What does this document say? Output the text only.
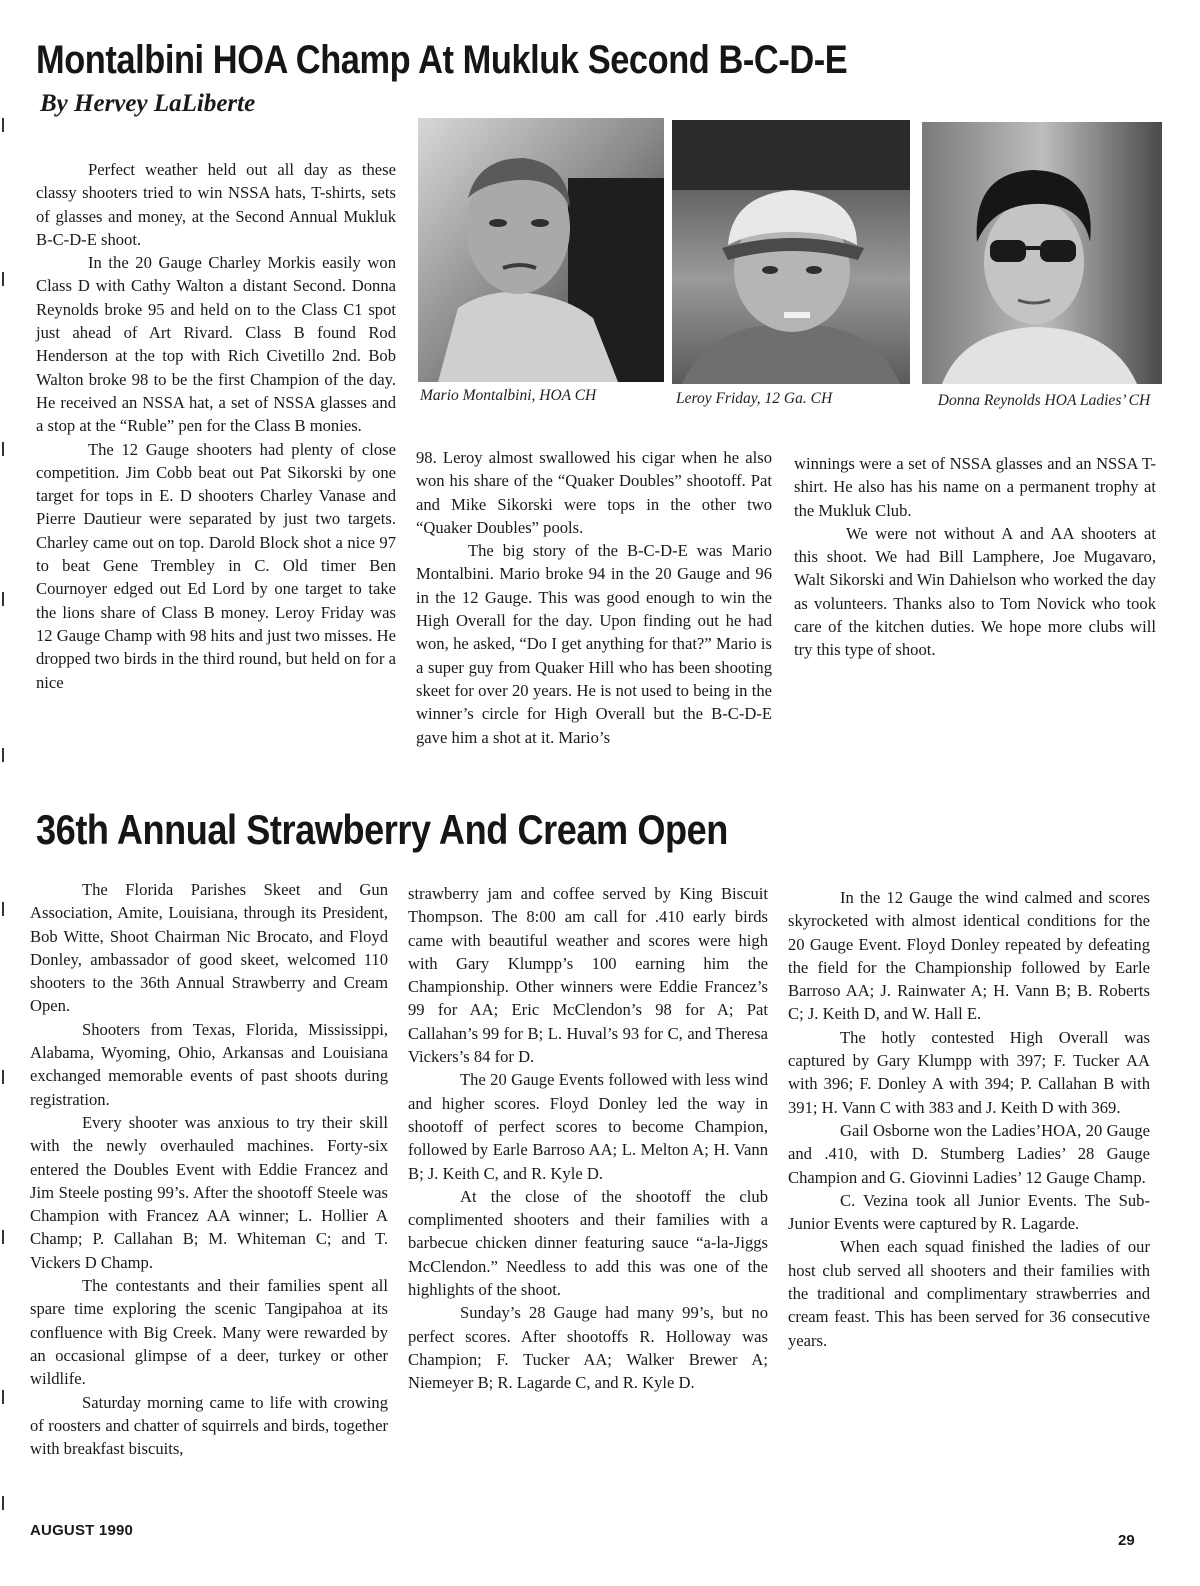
Montalbini HOA Champ At Mukluk Second B-C-D-E
By Hervey LaLiberte

Perfect weather held out all day as these classy shooters tried to win NSSA hats, T-shirts, sets of glasses and money, at the Second Annual Mukluk B-C-D-E shoot.

In the 20 Gauge Charley Morkis easily won Class D with Cathy Walton a distant Second. Donna Reynolds broke 95 and held on to the Class C1 spot just ahead of Art Rivard. Class B found Rod Henderson at the top with Rich Civetillo 2nd. Bob Walton broke 98 to be the first Champion of the day. He received an NSSA hat, a set of NSSA glasses and a stop at the “Ruble” pen for the Class B monies.

The 12 Gauge shooters had plenty of close competition. Jim Cobb beat out Pat Sikorski by one target for tops in E. D shooters Charley Vanase and Pierre Dautieur were separated by just two targets. Charley came out on top. Darold Block shot a nice 97 to beat Gene Trembley in C. Old timer Ben Cournoyer edged out Ed Lord by one target to take the lions share of Class B money. Leroy Friday was 12 Gauge Champ with 98 hits and just two misses. He dropped two birds in the third round, but held on for a nice

Mario Montalbini, HOA CH	Leroy Friday, 12 Ga. CH	Donna Reynolds HOA Ladies’ CH

98. Leroy almost swallowed his cigar when he also won his share of the “Quaker Doubles” shootoff. Pat and Mike Sikorski were tops in the other two “Quaker Doubles” pools.

The big story of the B-C-D-E was Mario Montalbini. Mario broke 94 in the 20 Gauge and 96 in the 12 Gauge. This was good enough to win the High Overall for the day. Upon finding out he had won, he asked, “Do I get anything for that?” Mario is a super guy from Quaker Hill who has been shooting skeet for over 20 years. He is not used to being in the winner’s circle for High Overall but the B-C-D-E gave him a shot at it. Mario’s

winnings were a set of NSSA glasses and an NSSA T-shirt. He also has his name on a permanent trophy at the Mukluk Club.

We were not without A and AA shooters at this shoot. We had Bill Lamphere, Joe Mugavaro, Walt Sikorski and Win Dahielson who worked the day as volunteers. Thanks also to Tom Novick who took care of the kitchen duties. We hope more clubs will try this type of shoot.

36th Annual Strawberry And Cream Open

The Florida Parishes Skeet and Gun Association, Amite, Louisiana, through its President, Bob Witte, Shoot Chairman Nic Brocato, and Floyd Donley, ambassador of good skeet, welcomed 110 shooters to the 36th Annual Strawberry and Cream Open.

Shooters from Texas, Florida, Mississippi, Alabama, Wyoming, Ohio, Arkansas and Louisiana exchanged memorable events of past shoots during registration.

Every shooter was anxious to try their skill with the newly overhauled machines. Forty-six entered the Doubles Event with Eddie Francez and Jim Steele posting 99’s. After the shootoff Steele was Champion with Francez AA winner; L. Hollier A Champ; P. Callahan B; M. Whiteman C; and T. Vickers D Champ.

The contestants and their families spent all spare time exploring the scenic Tangipahoa at its confluence with Big Creek. Many were rewarded by an occasional glimpse of a deer, turkey or other wildlife.

Saturday morning came to life with crowing of roosters and chatter of squirrels and birds, together with breakfast biscuits,

strawberry jam and coffee served by King Biscuit Thompson. The 8:00 am call for .410 early birds came with beautiful weather and scores were high with Gary Klumpp’s 100 earning him the Championship. Other winners were Eddie Francez’s 99 for AA; Eric McClendon’s 98 for A; Pat Callahan’s 99 for B; L. Huval’s 93 for C, and Theresa Vickers’s 84 for D.

The 20 Gauge Events followed with less wind and higher scores. Floyd Donley led the way in shootoff of perfect scores to become Champion, followed by Earle Barroso AA; L. Melton A; H. Vann B; J. Keith C, and R. Kyle D.

At the close of the shootoff the club complimented shooters and their families with a barbecue chicken dinner featuring sauce “a-la-Jiggs McClendon.” Needless to add this was one of the highlights of the shoot.

Sunday’s 28 Gauge had many 99’s, but no perfect scores. After shootoffs R. Holloway was Champion; F. Tucker AA; Walker Brewer A; Niemeyer B; R. Lagarde C, and R. Kyle D.

In the 12 Gauge the wind calmed and scores skyrocketed with almost identical conditions for the 20 Gauge Event. Floyd Donley repeated by defeating the field for the Championship followed by Earle Barroso AA; J. Rainwater A; H. Vann B; B. Roberts C; J. Keith D, and W. Hall E.

The hotly contested High Overall was captured by Gary Klumpp with 397; F. Tucker AA with 396; F. Donley A with 394; P. Callahan B with 391; H. Vann C with 383 and J. Keith D with 369.

Gail Osborne won the Ladies’HOA, 20 Gauge and .410, with D. Stumberg Ladies’ 28 Gauge Champion and G. Giovinni Ladies’ 12 Gauge Champ.

C. Vezina took all Junior Events. The Sub-Junior Events were captured by R. Lagarde.

When each squad finished the ladies of our host club served all shooters and their families with the traditional and complimentary strawberries and cream feast. This has been served for 36 consecutive years.

AUGUST 1990
29
